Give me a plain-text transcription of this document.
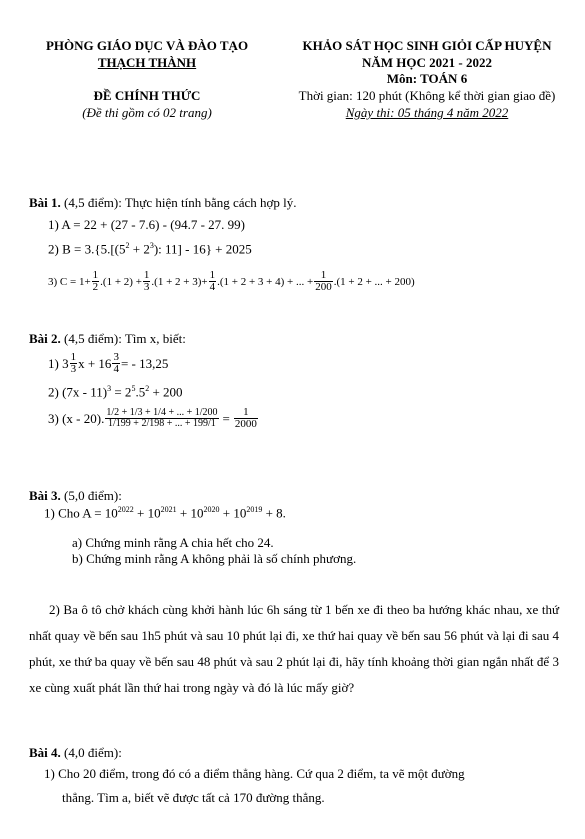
PHÒNG GIÁO DỤC VÀ ĐÀO TẠO
THẠCH THÀNH
KHẢO SÁT HỌC SINH GIỎI CẤP HUYỆN
NĂM HỌC 2021 - 2022
Môn: TOÁN 6
ĐỀ CHÍNH THỨC
(Đề thi gồm có 02 trang)
Thời gian: 120 phút (Không kể thời gian giao đề)
Ngày thi: 05 tháng 4 năm 2022
Bài 1. (4,5 điểm): Thực hiện tính bằng cách hợp lý.
1) A = 22 + (27 - 7.6) - (94.7 - 27. 99)
2) $B = 3.\{5.[(5^2 + 2^3)$: 11] - 16} + 2025
3) $C = 1+ \frac{1}{2} .(1 + 2) + \frac{1}{3} .(1 + 2 + 3)+ \frac{1}{4} .(1 + 2 + 3 + 4)$ + ... + $\frac{1}{200} .(1 + 2$ + ... + 200)
Bài 2. (4,5 điểm): Tìm x, biết:
1) $3 \frac{1}{3}$ $x + 16 \frac{3}{4}$ = - 13,25
2) $(7x - 11)^3 = 2^5.5^2 + 200$
3) (x - 20). $\frac{1/2 + 1/3 + 1/4 + ... + 1/200}{1/199 + 2/198 + ... + 199/1} = \frac{1}{2000}$
Bài 3. (5,0 điểm):
1) Cho $A = 10^{2022} + 10^{2021} + 10^{2020} + 10^{2019} + 8$.
a) Chứng minh rằng A chia hết cho 24.
b) Chứng minh rằng A không phải là số chính phương.
2) Ba ô tô chở khách cùng khởi hành lúc 6h sáng từ 1 bến xe đi theo ba hướng khác nhau, xe thứ nhất quay về bến sau 1h5 phút và sau 10 phút lại đi, xe thứ hai quay về bến sau 56 phút và lại đi sau 4 phút, xe thứ ba quay về bến sau 48 phút và sau 2 phút lại đi, hãy tính khoảng thời gian ngắn nhất để 3 xe cùng xuất phát lần thứ hai trong ngày và đó là lúc mấy giờ?
Bài 4. (4,0 điểm):
1) Cho 20 điểm, trong đó có a điểm thẳng hàng. Cứ qua 2 điểm, ta vẽ một đường
thẳng. Tìm a, biết vẽ được tất cả 170 đường thẳng.
